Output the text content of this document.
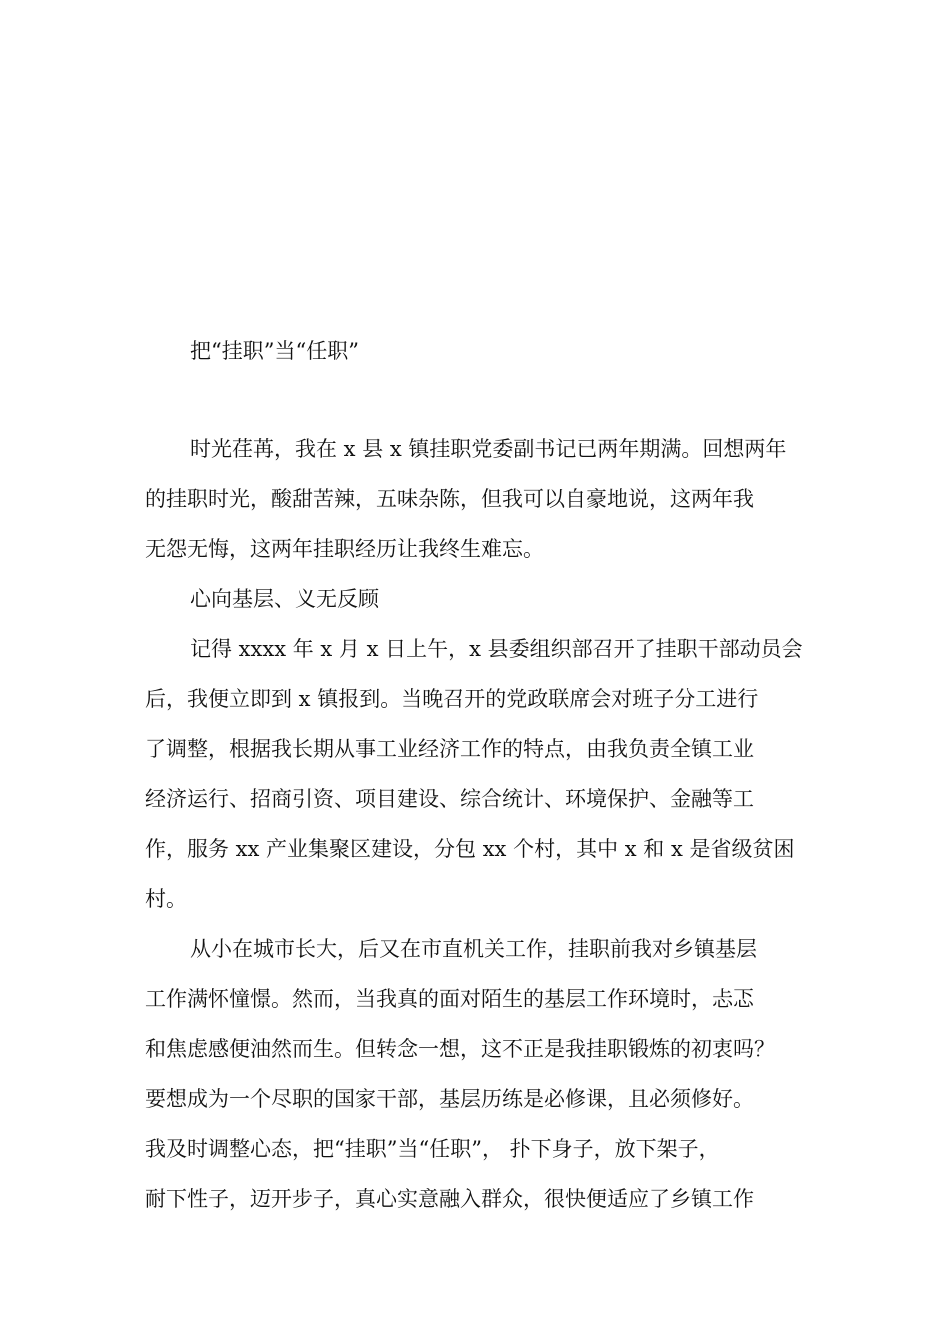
把“挂职”当“任职”
时光荏苒，我在 x 县 x 镇挂职党委副书记已两年期满。回想两年
的挂职时光，酸甜苦辣，五味杂陈，但我可以自豪地说，这两年我
无怨无悔，这两年挂职经历让我终生难忘。
心向基层、义无反顾
记得 xxxx 年 x 月 x 日上午，x 县委组织部召开了挂职干部动员会
后，我便立即到 x 镇报到。当晚召开的党政联席会对班子分工进行
了调整，根据我长期从事工业经济工作的特点，由我负责全镇工业
经济运行、招商引资、项目建设、综合统计、环境保护、金融等工
作，服务 xx 产业集聚区建设，分包 xx 个村，其中 x 和 x 是省级贫困
村。
从小在城市长大，后又在市直机关工作，挂职前我对乡镇基层
工作满怀憧憬。然而，当我真的面对陌生的基层工作环境时，忐忑
和焦虑感便油然而生。但转念一想，这不正是我挂职锻炼的初衷吗？
要想成为一个尽职的国家干部，基层历练是必修课，且必须修好。
我及时调整心态，把“挂职”当“任职”， 扑下身子，放下架子，
耐下性子，迈开步子，真心实意融入群众，很快便适应了乡镇工作
